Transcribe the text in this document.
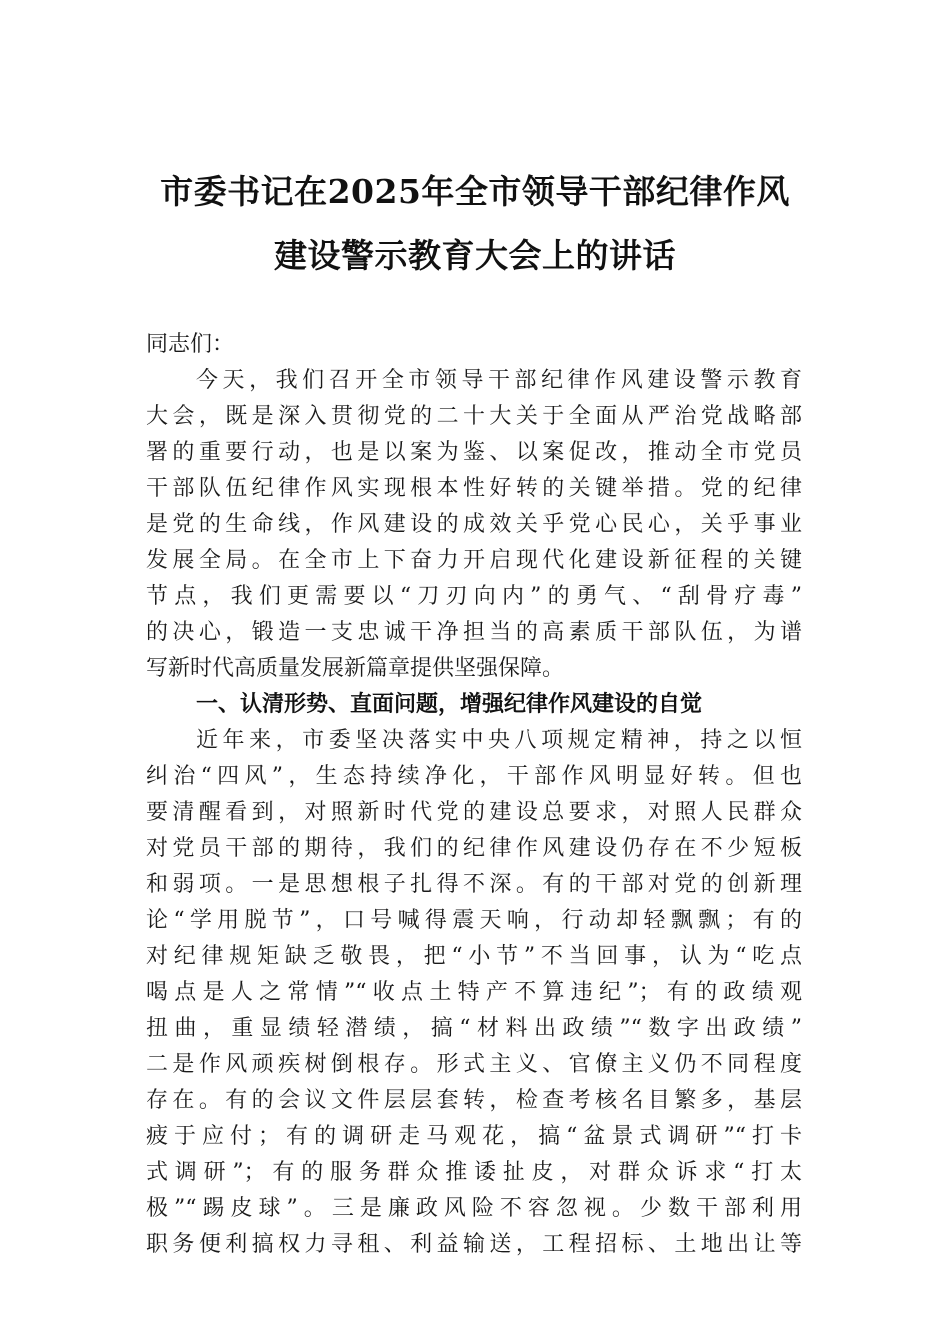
市委书记在2025年全市领导干部纪律作风
建设警示教育大会上的讲话
同志们：
今天，我们召开全市领导干部纪律作风建设警示教育
大会，既是深入贯彻党的二十大关于全面从严治党战略部
署的重要行动，也是以案为鉴、以案促改，推动全市党员
干部队伍纪律作风实现根本性好转的关键举措。党的纪律
是党的生命线，作风建设的成效关乎党心民心，关乎事业
发展全局。在全市上下奋力开启现代化建设新征程的关键
节点，我们更需要以“刀刃向内”的勇气、“刮骨疗毒”
的决心，锻造一支忠诚干净担当的高素质干部队伍，为谱
写新时代高质量发展新篇章提供坚强保障。
一、认清形势、直面问题，增强纪律作风建设的自觉
近年来，市委坚决落实中央八项规定精神，持之以恒
纠治“四风”，生态持续净化，干部作风明显好转。但也
要清醒看到，对照新时代党的建设总要求，对照人民群众
对党员干部的期待，我们的纪律作风建设仍存在不少短板
和弱项。一是思想根子扎得不深。有的干部对党的创新理
论“学用脱节”，口号喊得震天响，行动却轻飘飘；有的
对纪律规矩缺乏敬畏，把“小节”不当回事，认为“吃点
喝点是人之常情”“收点土特产不算违纪”；有的政绩观
扭曲，重显绩轻潜绩，搞“材料出政绩”“数字出政绩”
二是作风顽疾树倒根存。形式主义、官僚主义仍不同程度
存在。有的会议文件层层套转，检查考核名目繁多，基层
疲于应付；有的调研走马观花，搞“盆景式调研”“打卡
式调研”；有的服务群众推诿扯皮，对群众诉求“打太
极”“踢皮球”。三是廉政风险不容忽视。少数干部利用
职务便利搞权力寻租、利益输送，工程招标、土地出让等
